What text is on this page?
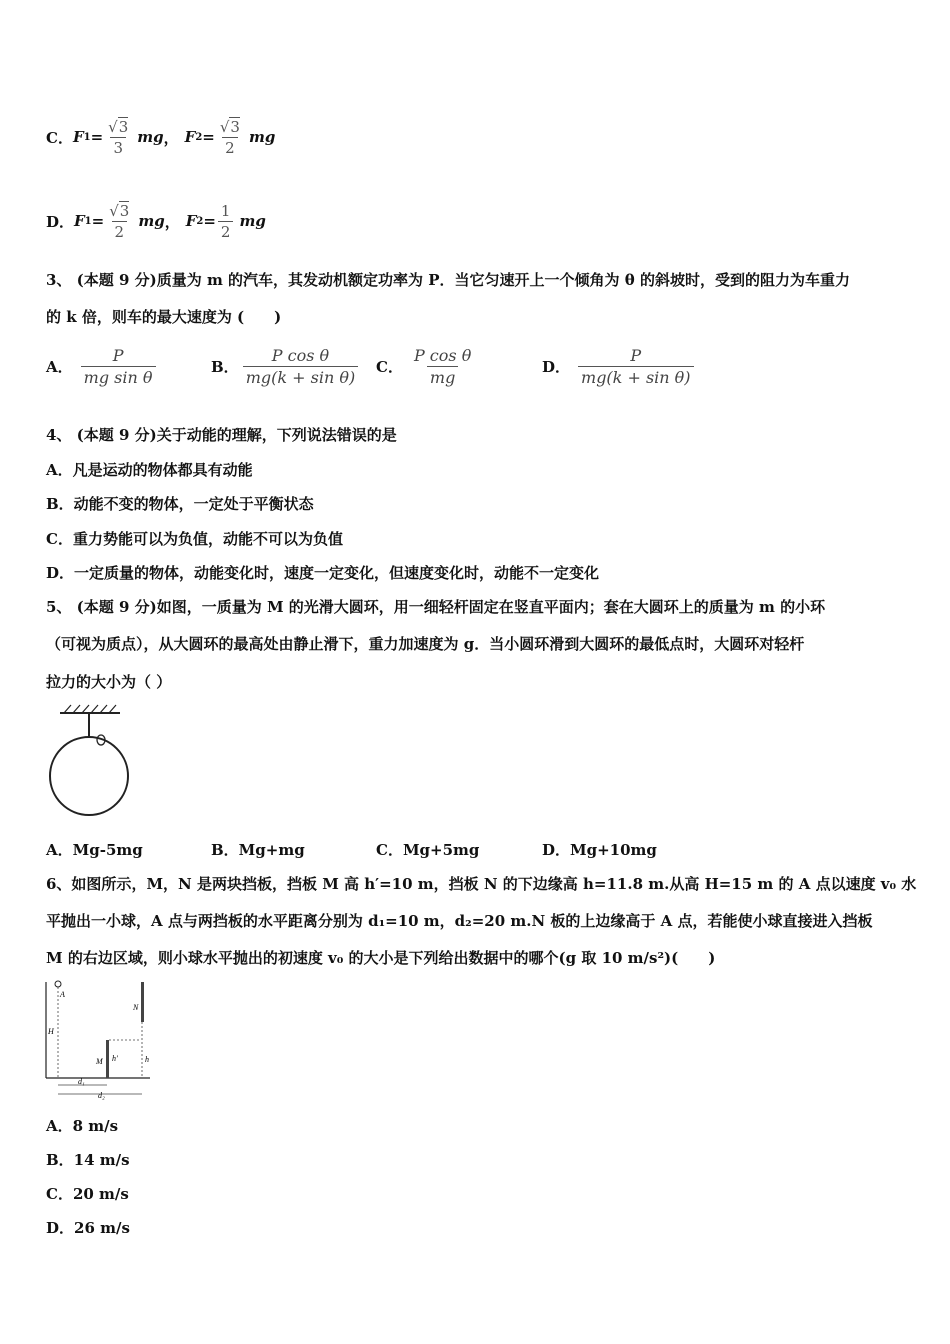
C． F $1 = \frac{√3}{3}$ mg ， F $2 = \frac{√3}{2}$ mg
D． F $1 = \frac{√3}{2}$ mg ， F $2 = \frac{1}{2}$ mg
3、 (本题 9 分)质量为 m 的汽车，其发动机额定功率为 P．当它匀速开上一个倾角为 θ 的斜坡时，受到的阻力为车重力
的 k 倍，则车的最大速度为 (　　)
A． $\frac{P}{\text{mg sin θ}}$	B． $\frac{\text{P cos θ}}{\text{mg(k + sin θ)}}$ C． $\frac{\text{P cos θ}}{mg}$	D． $\frac{P}{\text{mg(k + sin θ)}}$
4、 (本题 9 分)关于动能的理解，下列说法错误的是
A．凡是运动的物体都具有动能
B．动能不变的物体，一定处于平衡状态
C．重力势能可以为负值，动能不可以为负值
D．一定质量的物体，动能变化时，速度一定变化，但速度变化时，动能不一定变化
5、 (本题 9 分)如图，一质量为 M 的光滑大圆环，用一细轻杆固定在竖直平面内；套在大圆环上的质量为 m 的小环
（可视为质点），从大圆环的最高处由静止滑下，重力加速度为 g．当小圆环滑到大圆环的最低点时，大圆环对轻杆
拉力的大小为（ ）
A．Mg-5mg	B．Mg+mg	C．Mg+5mg	D．Mg+10mg
6、如图所示，M，N 是两块挡板，挡板 M 高 h′=10 m，挡板 N 的下边缘高 h=11.8 m.从高 H=15 m 的 A 点以速度 v₀ 水
平抛出一小球，A 点与两挡板的水平距离分别为 d₁=10 m，d₂=20 m.N 板的上边缘高于 A 点，若能使小球直接进入挡板
M 的右边区域，则小球水平抛出的初速度 v₀ 的大小是下列给出数据中的哪个(g 取 10 m/s²)(　　)
A
H
M h′
N
h
d₁
d₂
A．8 m/s
B．14 m/s
C．20 m/s
D．26 m/s
